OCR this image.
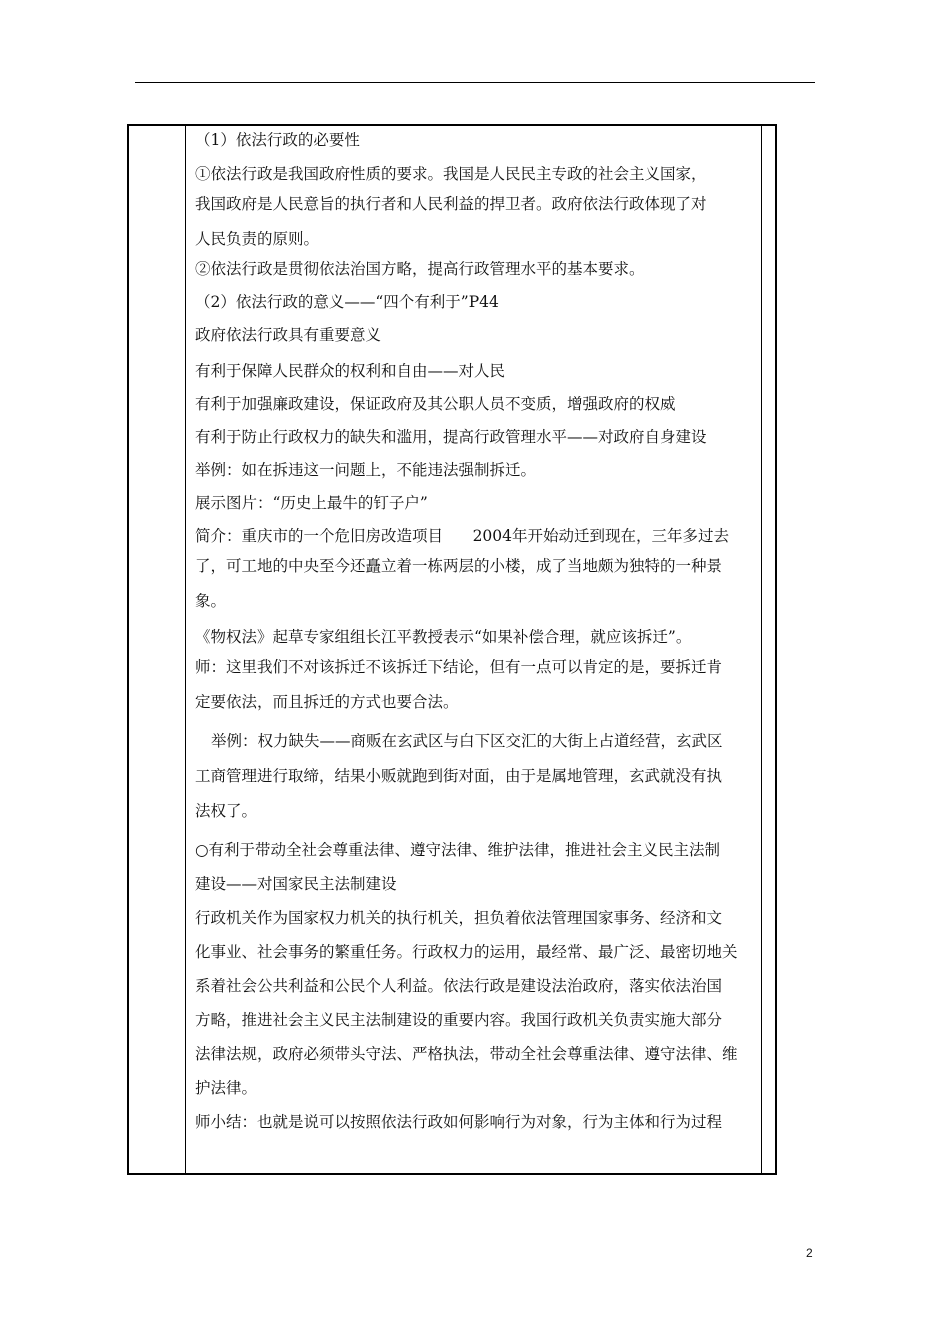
（1）依法行政的必要性
①依法行政是我国政府性质的要求。我国是人民民主专政的社会主义国家，
我国政府是人民意旨的执行者和人民利益的捍卫者。政府依法行政体现了对
人民负责的原则。
②依法行政是贯彻依法治国方略，提高行政管理水平的基本要求。
（2）依法行政的意义——“四个有利于”P44
政府依法行政具有重要意义
有利于保障人民群众的权利和自由——对人民
有利于加强廉政建设，保证政府及其公职人员不变质，增强政府的权威
有利于防止行政权力的缺失和滥用，提高行政管理水平——对政府自身建设
举例：如在拆违这一问题上，不能违法强制拆迁。
展示图片：“历史上最牛的钉子户”
简介：重庆市的一个危旧房改造项目      2004年开始动迁到现在，三年多过去
了，可工地的中央至今还矗立着一栋两层的小楼，成了当地颇为独特的一种景
象。
《物权法》起草专家组组长江平教授表示“如果补偿合理，就应该拆迁”。
师：这里我们不对该拆迁不该拆迁下结论，但有一点可以肯定的是，要拆迁肯
定要依法，而且拆迁的方式也要合法。
举例：权力缺失——商贩在玄武区与白下区交汇的大街上占道经营，玄武区
工商管理进行取缔，结果小贩就跑到街对面，由于是属地管理，玄武就没有执
法权了。
○有利于带动全社会尊重法律、遵守法律、维护法律，推进社会主义民主法制
建设——对国家民主法制建设
行政机关作为国家权力机关的执行机关，担负着依法管理国家事务、经济和文
化事业、社会事务的繁重任务。行政权力的运用，最经常、最广泛、最密切地关
系着社会公共利益和公民个人利益。依法行政是建设法治政府，落实依法治国
方略，推进社会主义民主法制建设的重要内容。我国行政机关负责实施大部分
法律法规，政府必须带头守法、严格执法，带动全社会尊重法律、遵守法律、维
护法律。
师小结：也就是说可以按照依法行政如何影响行为对象，行为主体和行为过程
2
